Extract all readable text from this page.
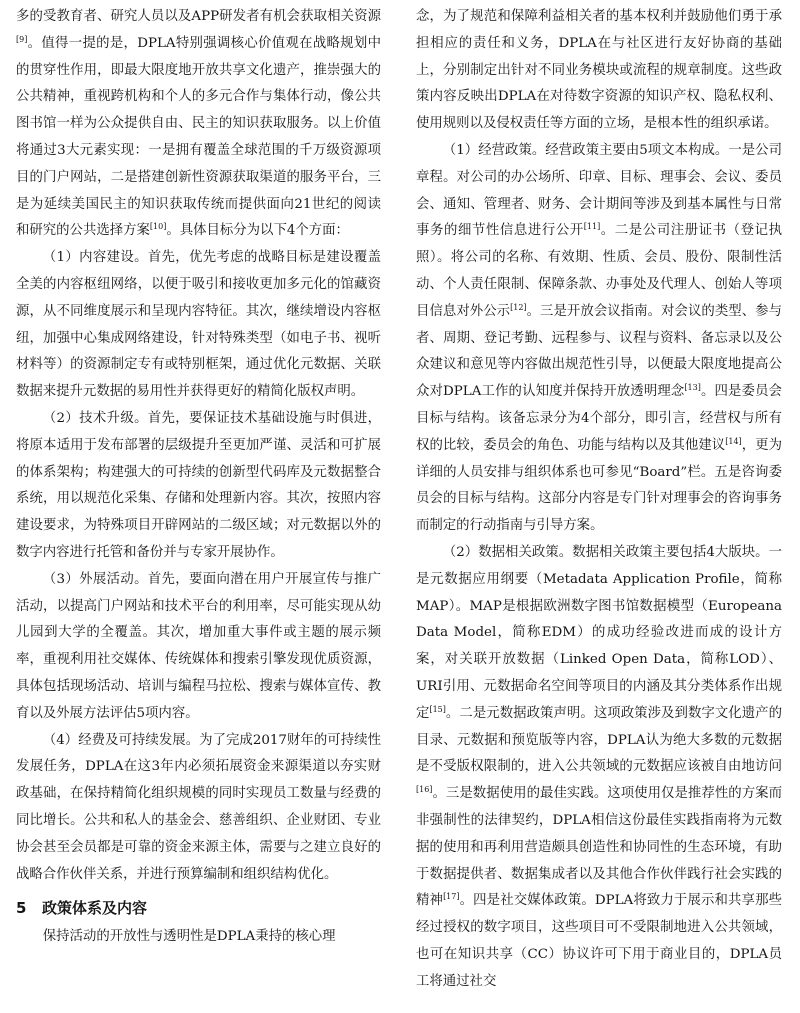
多的受教育者、研究人员以及APP研发者有机会获取相关资源[9]。值得一提的是，DPLA特别强调核心价值观在战略规划中的贯穿性作用，即最大限度地开放共享文化遗产，推崇强大的公共精神，重视跨机构和个人的多元合作与集体行动，像公共图书馆一样为公众提供自由、民主的知识获取服务。以上价值将通过3大元素实现：一是拥有覆盖全球范围的千万级资源项目的门户网站，二是搭建创新性资源获取渠道的服务平台，三是为延续美国民主的知识获取传统而提供面向21世纪的阅读和研究的公共选择方案[10]。具体目标分为以下4个方面：

（1）内容建设。首先，优先考虑的战略目标是建设覆盖全美的内容枢纽网络，以便于吸引和接收更加多元化的馆藏资源，从不同维度展示和呈现内容特征。其次，继续增设内容枢纽，加强中心集成网络建设，针对特殊类型（如电子书、视听材料等）的资源制定专有或特别框架，通过优化元数据、关联数据来提升元数据的易用性并获得更好的精简化版权声明。

（2）技术升级。首先，要保证技术基础设施与时俱进，将原本适用于发布部署的层级提升至更加严谨、灵活和可扩展的体系架构；构建强大的可持续的创新型代码库及元数据整合系统，用以规范化采集、存储和处理新内容。其次，按照内容建设要求，为特殊项目开辟网站的二级区域；对元数据以外的数字内容进行托管和备份并与专家开展协作。

（3）外展活动。首先，要面向潜在用户开展宣传与推广活动，以提高门户网站和技术平台的利用率，尽可能实现从幼儿园到大学的全覆盖。其次，增加重大事件或主题的展示频率，重视利用社交媒体、传统媒体和搜索引擎发现优质资源，具体包括现场活动、培训与编程马拉松、搜索与媒体宣传、教育以及外展方法评估5项内容。

（4）经费及可持续发展。为了完成2017财年的可持续性发展任务，DPLA在这3年内必须拓展资金来源渠道以夯实财政基础，在保持精简化组织规模的同时实现员工数量与经费的同比增长。公共和私人的基金会、慈善组织、企业财团、专业协会甚至会员都是可靠的资金来源主体，需要与之建立良好的战略合作伙伴关系，并进行预算编制和组织结构优化。

5 政策体系及内容

保持活动的开放性与透明性是DPLA秉持的核心理

念，为了规范和保障利益相关者的基本权利并鼓励他们勇于承担相应的责任和义务，DPLA在与社区进行友好协商的基础上，分别制定出针对不同业务模块或流程的规章制度。这些政策内容反映出DPLA在对待数字资源的知识产权、隐私权利、使用规则以及侵权责任等方面的立场，是根本性的组织承诺。

（1）经营政策。经营政策主要由5项文本构成。一是公司章程。对公司的办公场所、印章、目标、理事会、会议、委员会、通知、管理者、财务、会计期间等涉及到基本属性与日常事务的细节性信息进行公开[11]。二是公司注册证书（登记执照）。将公司的名称、有效期、性质、会员、股份、限制性活动、个人责任限制、保障条款、办事处及代理人、创始人等项目信息对外公示[12]。三是开放会议指南。对会议的类型、参与者、周期、登记考勤、远程参与、议程与资料、备忘录以及公众建议和意见等内容做出规范性引导，以便最大限度地提高公众对DPLA工作的认知度并保持开放透明理念[13]。四是委员会目标与结构。该备忘录分为4个部分，即引言，经营权与所有权的比较，委员会的角色、功能与结构以及其他建议[14]，更为详细的人员安排与组织体系也可参见“Board”栏。五是咨询委员会的目标与结构。这部分内容是专门针对理事会的咨询事务而制定的行动指南与引导方案。

（2）数据相关政策。数据相关政策主要包括4大版块。一是元数据应用纲要（Metadata Application Profile，简称MAP）。MAP是根据欧洲数字图书馆数据模型（Europeana Data Model，简称EDM）的成功经验改进而成的设计方案，对关联开放数据（Linked Open Data，简称LOD）、URI引用、元数据命名空间等项目的内涵及其分类体系作出规定[15]。二是元数据政策声明。这项政策涉及到数字文化遗产的目录、元数据和预览版等内容，DPLA认为绝大多数的元数据是不受版权限制的，进入公共领域的元数据应该被自由地访问[16]。三是数据使用的最佳实践。这项使用仅是推荐性的方案而非强制性的法律契约，DPLA相信这份最佳实践指南将为元数据的使用和再利用营造颇具创造性和协同性的生态环境，有助于数据提供者、数据集成者以及其他合作伙伴践行社会实践的精神[17]。四是社交媒体政策。DPLA将致力于展示和共享那些经过授权的数字项目，这些项目可不受限制地进入公共领域，也可在知识共享（CC）协议许可下用于商业目的，DPLA员工将通过社交
